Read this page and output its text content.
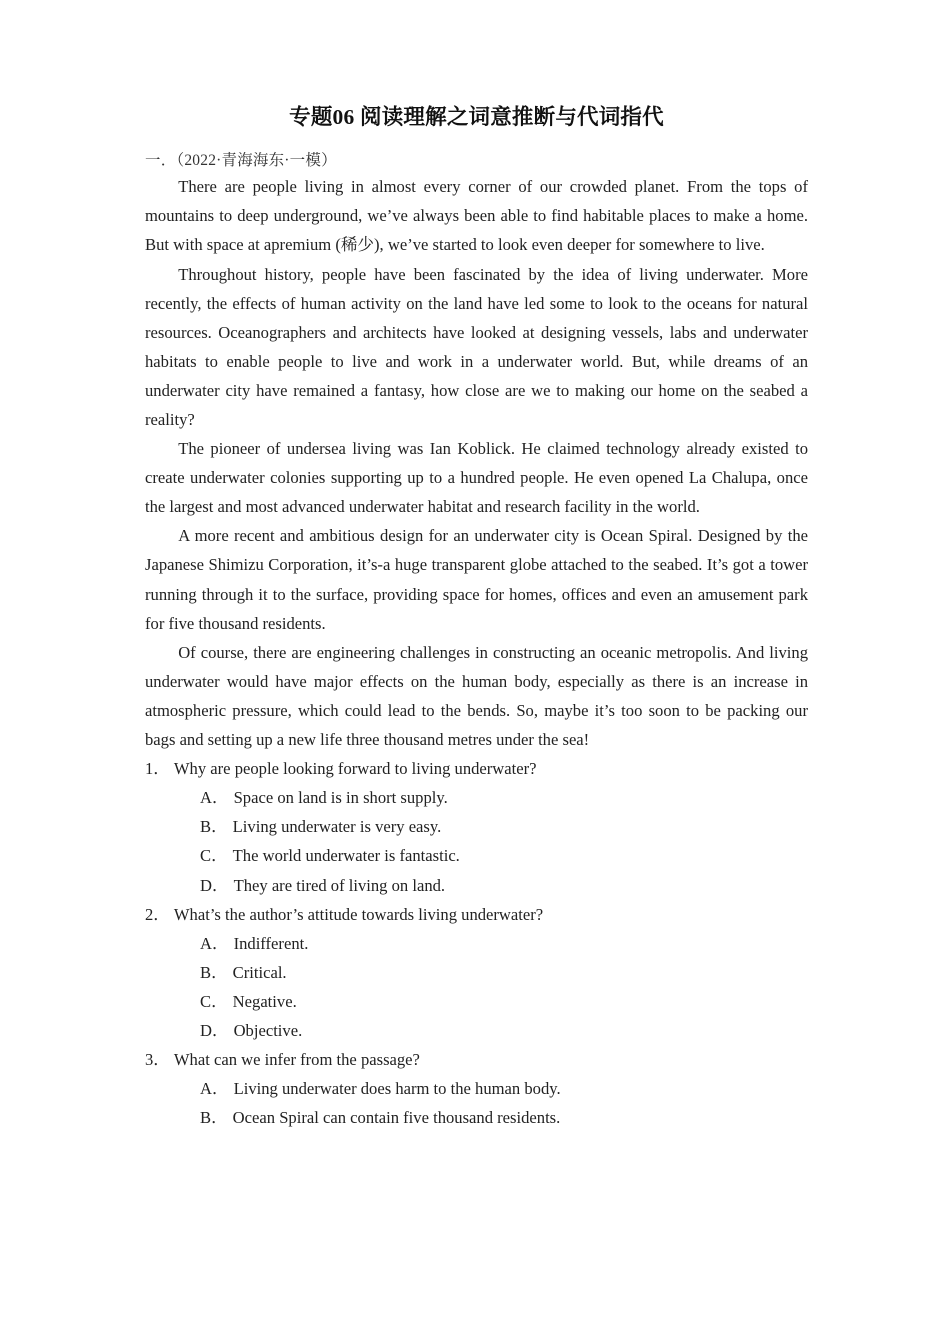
专题06 阅读理解之词意推断与代词指代

一．（2022·青海海东·一模）

There are people living in almost every corner of our crowded planet. From the tops of mountains to deep underground, we’ve always been able to find habitable places to make a home. But with space at apremium (稀少), we’ve started to look even deeper for somewhere to live.

Throughout history, people have been fascinated by the idea of living underwater. More recently, the effects of human activity on the land have led some to look to the oceans for natural resources. Oceanographers and architects have looked at designing vessels, labs and underwater habitats to enable people to live and work in a underwater world. But, while dreams of an underwater city have remained a fantasy, how close are we to making our home on the seabed a reality?

The pioneer of undersea living was Ian Koblick. He claimed technology already existed to create underwater colonies supporting up to a hundred people. He even opened La Chalupa, once the largest and most advanced underwater habitat and research facility in the world.

A more recent and ambitious design for an underwater city is Ocean Spiral. Designed by the Japanese Shimizu Corporation, it’s-a huge transparent globe attached to the seabed. It’s got a tower running through it to the surface, providing space for homes, offices and even an amusement park for five thousand residents.

Of course, there are engineering challenges in constructing an oceanic metropolis. And living underwater would have major effects on the human body, especially as there is an increase in atmospheric pressure, which could lead to the bends. So, maybe it’s too soon to be packing our bags and setting up a new life three thousand metres under the sea!

1． Why are people looking forward to living underwater?

A． Space on land is in short supply.

B． Living underwater is very easy.

C． The world underwater is fantastic.

D． They are tired of living on land.

2． What’s the author’s attitude towards living underwater?

A． Indifferent.

B． Critical.

C． Negative.

D． Objective.

3． What can we infer from the passage?

A． Living underwater does harm to the human body.

B． Ocean Spiral can contain five thousand residents.
